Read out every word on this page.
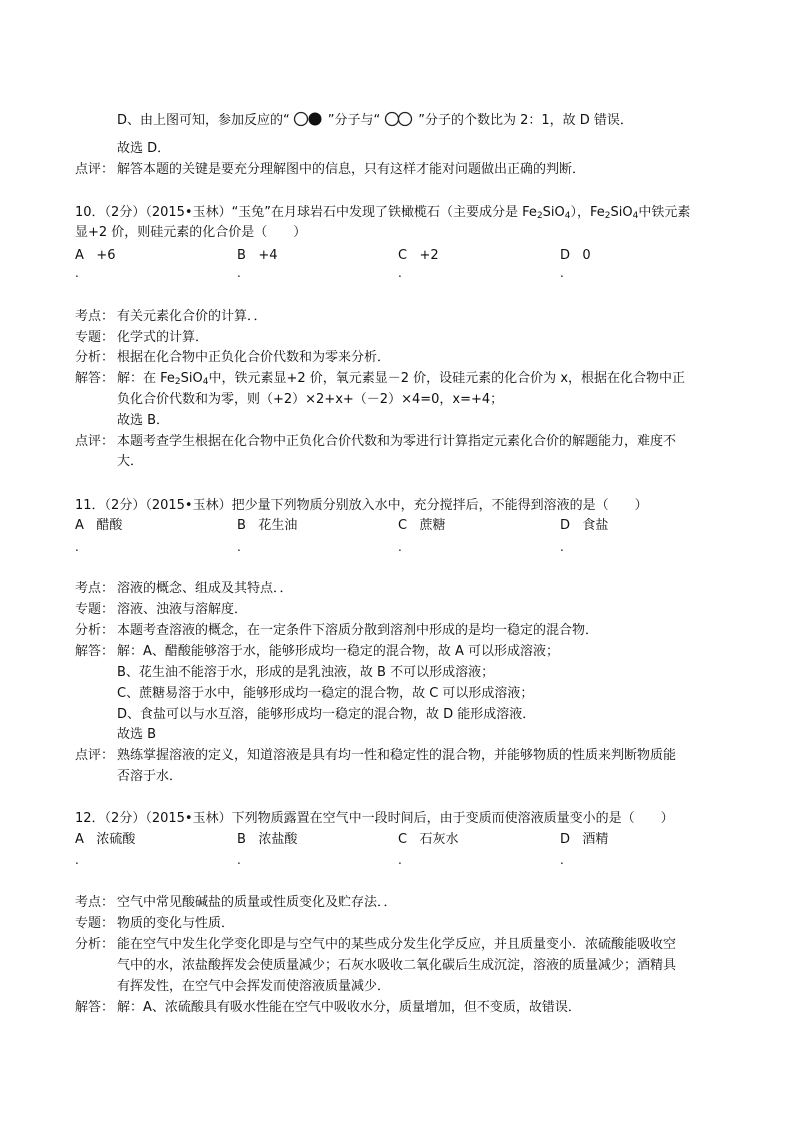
D、由上图可知，参加反应的“	”分子与“	”分子的个数比为 2：1，故 D 错误．
故选 D．
点评： 解答本题的关键是要充分理解图中的信息，只有这样才能对问题做出正确的判断．
10．（2分）（2015•玉林）“玉兔”在月球岩石中发现了铁橄榄石（主要成分是 $Fe_2SiO_4$），$Fe_2SiO_4$中铁元素
显+2 价，则硅元素的化合价是（　　）
A +6	B +4	C +2	D 0
.	.	.	.
考点： 有关元素化合价的计算．．
专题： 化学式的计算．
分析： 根据在化合物中正负化合价代数和为零来分析．
解答： 解：在 $Fe_2SiO_4$中，铁元素显+2 价，氧元素显－2 价，设硅元素的化合价为 x，根据在化合物中正
负化合价代数和为零，则（+2）×2+x+（－2）×4=0，x=+4；
故选 B．
点评： 本题考查学生根据在化合物中正负化合价代数和为零进行计算指定元素化合价的解题能力，难度不
大．
11．（2分）（2015•玉林）把少量下列物质分别放入水中，充分搅拌后，不能得到溶液的是（　　）
A 醋酸	B 花生油	C 蔗糖	D 食盐
.	.	.	.
考点： 溶液的概念、组成及其特点．．
专题： 溶液、浊液与溶解度．
分析： 本题考查溶液的概念，在一定条件下溶质分散到溶剂中形成的是均一稳定的混合物．
解答： 解：A、醋酸能够溶于水，能够形成均一稳定的混合物，故 A 可以形成溶液；
B、花生油不能溶于水，形成的是乳浊液，故 B 不可以形成溶液；
C、蔗糖易溶于水中，能够形成均一稳定的混合物，故 C 可以形成溶液；
D、食盐可以与水互溶，能够形成均一稳定的混合物，故 D 能形成溶液．
故选 B
点评： 熟练掌握溶液的定义，知道溶液是具有均一性和稳定性的混合物，并能够物质的性质来判断物质能
否溶于水．
12．（2分）（2015•玉林）下列物质露置在空气中一段时间后，由于变质而使溶液质量变小的是（　　）
A 浓硫酸	B 浓盐酸	C 石灰水	D 酒精
.	.	.	.
考点： 空气中常见酸碱盐的质量或性质变化及贮存法．．
专题： 物质的变化与性质．
分析： 能在空气中发生化学变化即是与空气中的某些成分发生化学反应，并且质量变小．浓硫酸能吸收空
气中的水，浓盐酸挥发会使质量减少；石灰水吸收二氧化碳后生成沉淀，溶液的质量减少；酒精具
有挥发性，在空气中会挥发而使溶液质量减少．
解答： 解：A、浓硫酸具有吸水性能在空气中吸收水分，质量增加，但不变质，故错误．
